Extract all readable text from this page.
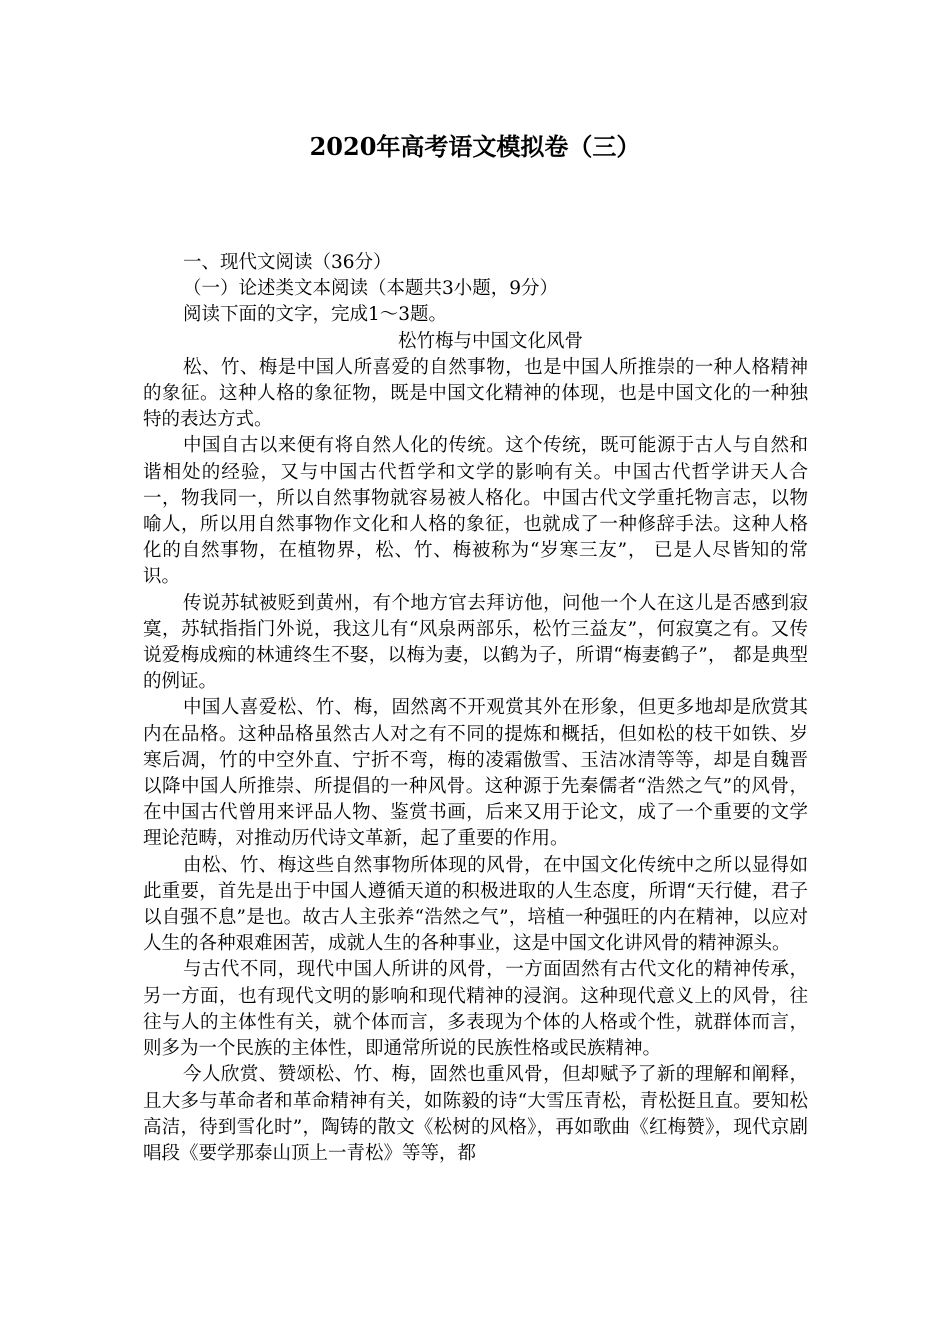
2020年高考语文模拟卷（三）

一、现代文阅读（36分）

（一）论述类文本阅读（本题共3小题，9分）

阅读下面的文字，完成1～3题。

松竹梅与中国文化风骨

松、竹、梅是中国人所喜爱的自然事物，也是中国人所推崇的一种人格精神的象征。这种人格的象征物，既是中国文化精神的体现，也是中国文化的一种独特的表达方式。

中国自古以来便有将自然人化的传统。这个传统，既可能源于古人与自然和谐相处的经验，又与中国古代哲学和文学的影响有关。中国古代哲学讲天人合一，物我同一，所以自然事物就容易被人格化。中国古代文学重托物言志，以物喻人，所以用自然事物作文化和人格的象征，也就成了一种修辞手法。这种人格化的自然事物，在植物界，松、竹、梅被称为“岁寒三友”， 已是人尽皆知的常识。

传说苏轼被贬到黄州，有个地方官去拜访他，问他一个人在这儿是否感到寂寞，苏轼指指门外说，我这儿有“风泉两部乐，松竹三益友”，何寂寞之有。又传说爱梅成痴的林逋终生不娶，以梅为妻，以鹤为子，所谓“梅妻鹤子”， 都是典型的例证。

中国人喜爱松、竹、梅，固然离不开观赏其外在形象，但更多地却是欣赏其内在品格。这种品格虽然古人对之有不同的提炼和概括，但如松的枝干如铁、岁寒后凋，竹的中空外直、宁折不弯，梅的凌霜傲雪、玉洁冰清等等，却是自魏晋以降中国人所推崇、所提倡的一种风骨。这种源于先秦儒者“浩然之气”的风骨，在中国古代曾用来评品人物、鉴赏书画，后来又用于论文，成了一个重要的文学理论范畴，对推动历代诗文革新，起了重要的作用。

由松、竹、梅这些自然事物所体现的风骨，在中国文化传统中之所以显得如此重要，首先是出于中国人遵循天道的积极进取的人生态度，所谓“天行健，君子以自强不息”是也。故古人主张养“浩然之气”，培植一种强旺的内在精神，以应对人生的各种艰难困苦，成就人生的各种事业，这是中国文化讲风骨的精神源头。

与古代不同，现代中国人所讲的风骨，一方面固然有古代文化的精神传承，另一方面，也有现代文明的影响和现代精神的浸润。这种现代意义上的风骨，往往与人的主体性有关，就个体而言，多表现为个体的人格或个性，就群体而言，则多为一个民族的主体性，即通常所说的民族性格或民族精神。

今人欣赏、赞颂松、竹、梅，固然也重风骨，但却赋予了新的理解和阐释，且大多与革命者和革命精神有关，如陈毅的诗“大雪压青松，青松挺且直。要知松高洁，待到雪化时”，陶铸的散文《松树的风格》，再如歌曲《红梅赞》，现代京剧唱段《要学那泰山顶上一青松》等等，都
